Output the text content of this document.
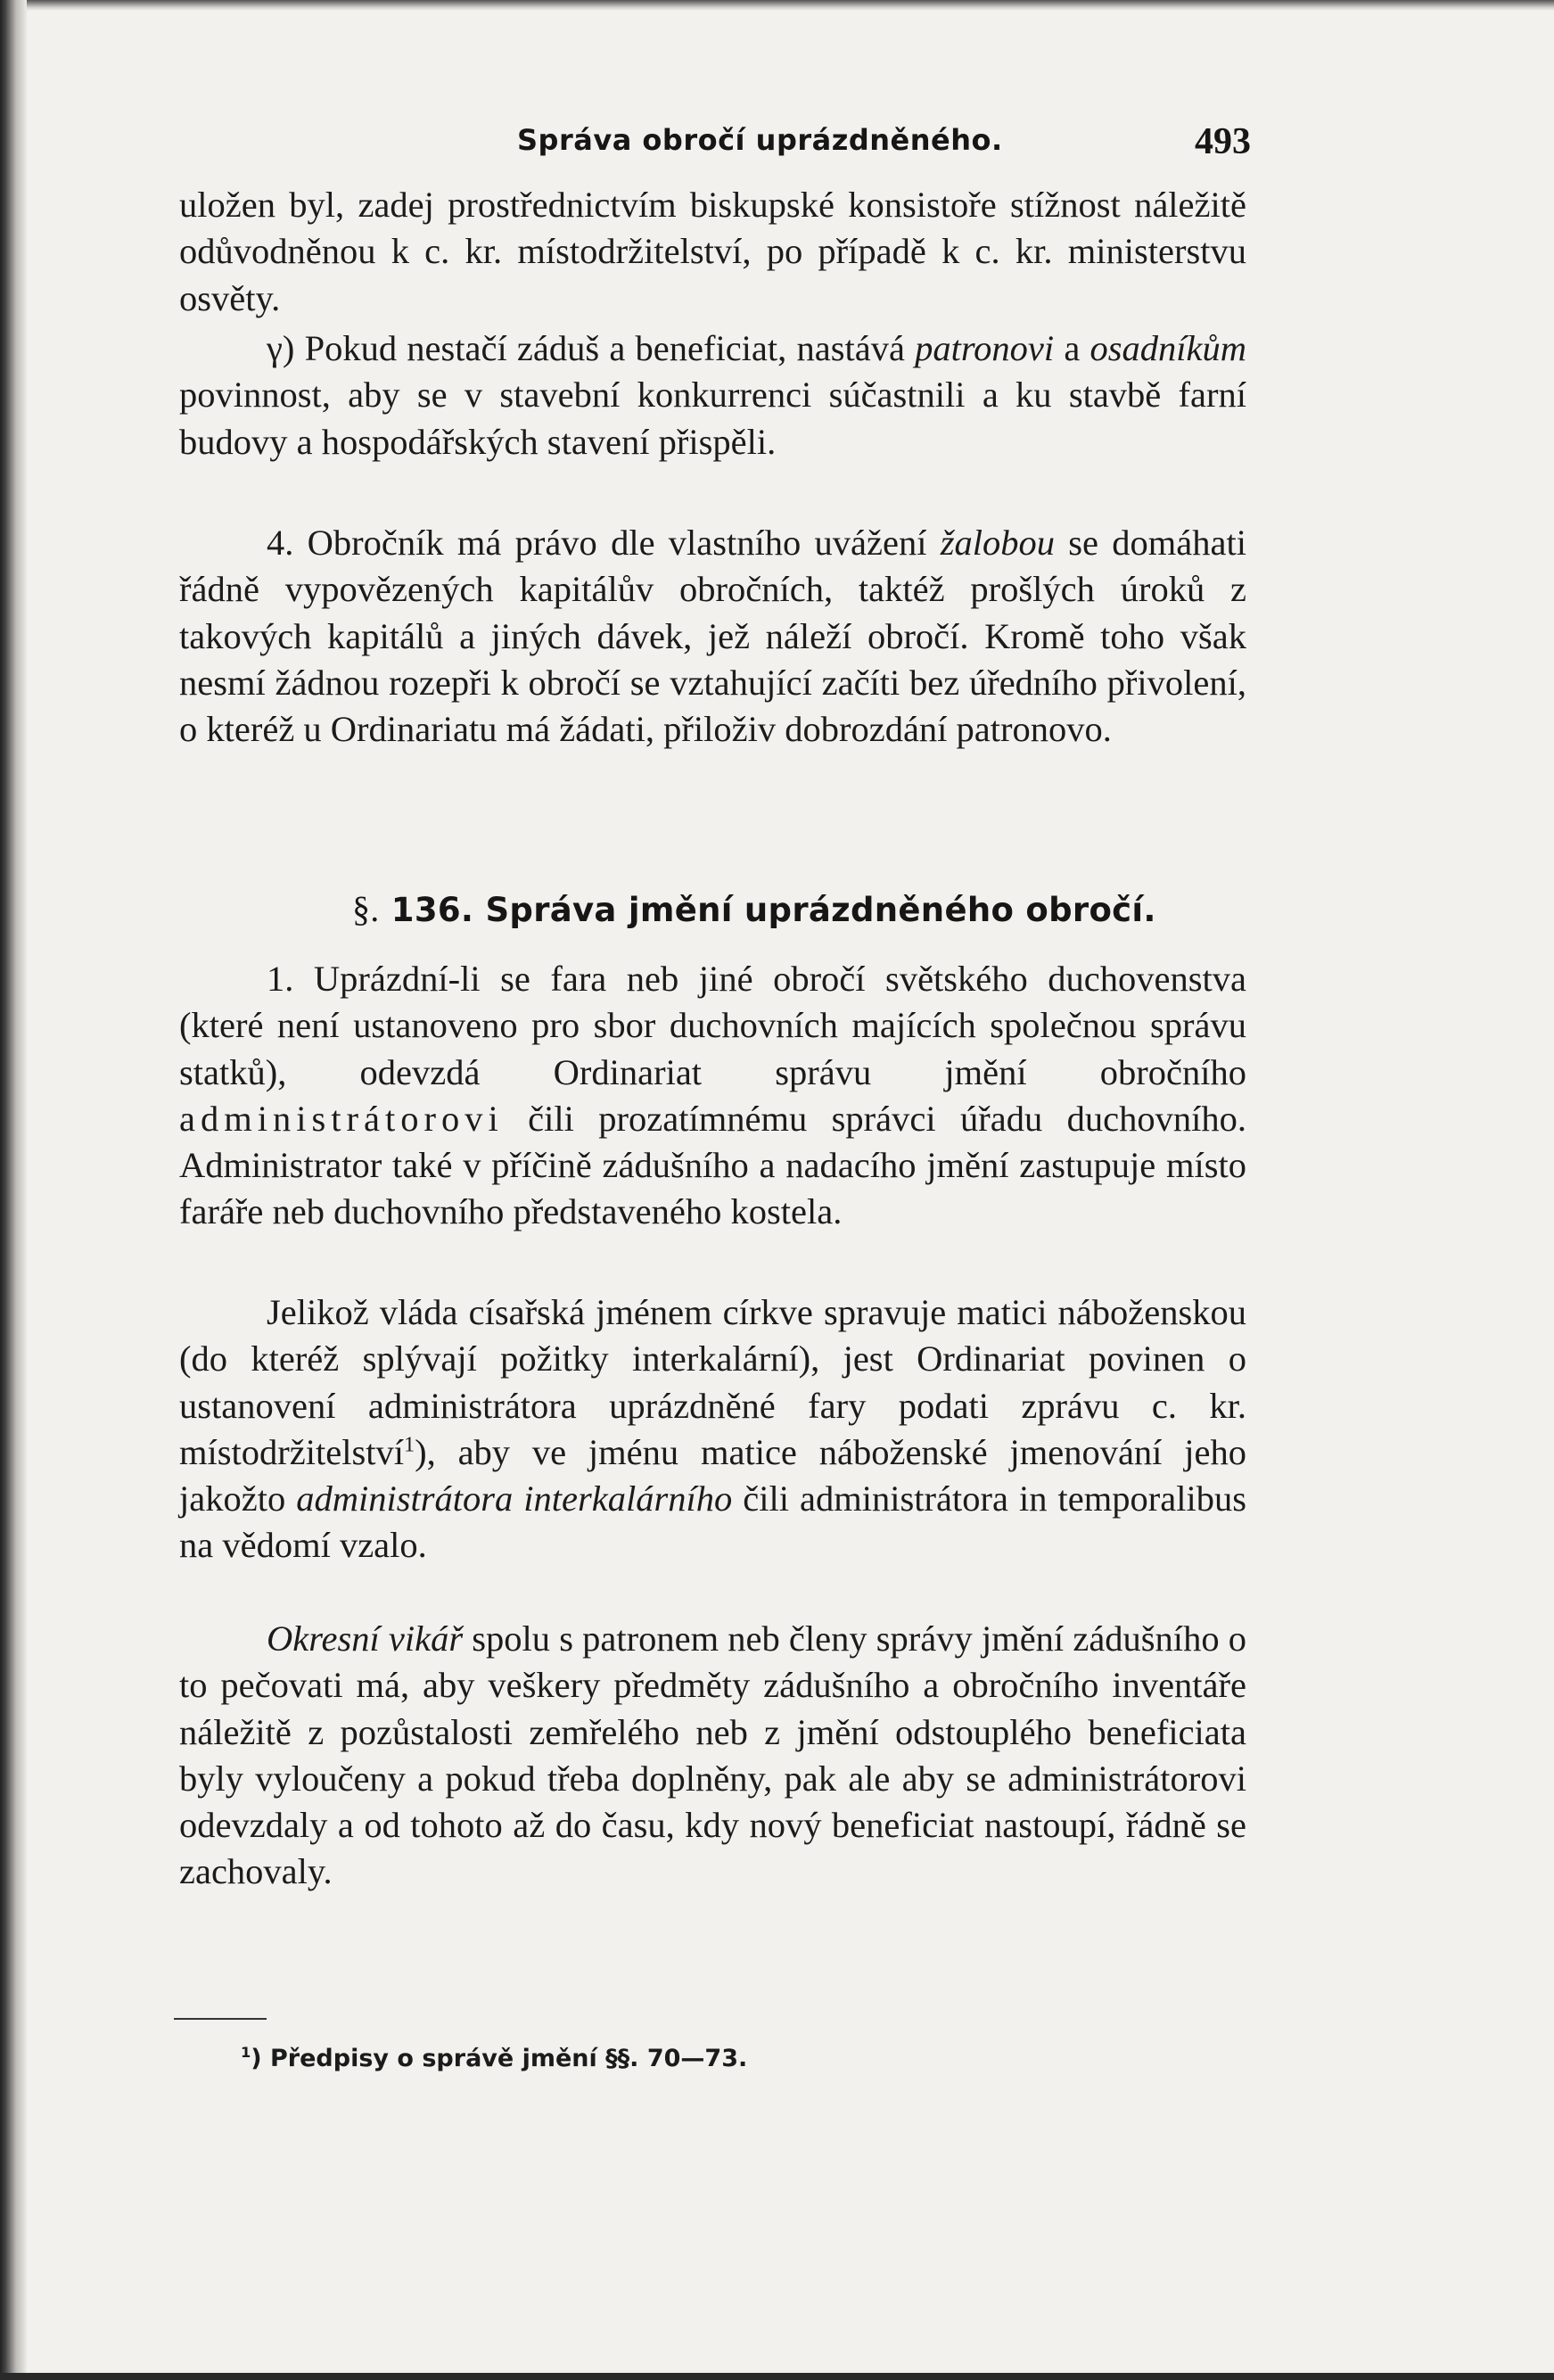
Správa obročí uprázdněného.	493

uložen byl, zadej prostřednictvím biskupské konsistoře stížnost náležitě odůvodněnou k c. kr. místodržitelství, po případě k c. kr. ministerstvu osvěty.

γ) Pokud nestačí záduš a beneficiat, nastává patronovi a osadníkům povinnost, aby se v stavební konkurrenci súčastnili a ku stavbě farní budovy a hospodářských stavení přispěli.

4. Obročník má právo dle vlastního uvážení žalobou se domáhati řádně vypovězených kapitálův obročních, taktéž prošlých úroků z takových kapitálů a jiných dávek, jež náleží obročí. Kromě toho však nesmí žádnou rozepři k obročí se vztahující začíti bez úředního přivolení, o kteréž u Ordinariatu má žádati, přiloživ dobrozdání patronovo.

§. 136. Správa jmění uprázdněného obročí.

1. Uprázdní-li se fara neb jiné obročí světského duchovenstva (které není ustanoveno pro sbor duchovních majících společnou správu statků), odevzdá Ordinariat správu jmění obročního administrátorovi čili prozatímnému správci úřadu duchovního. Administrator také v příčině zádušního a nadacího jmění zastupuje místo faráře neb duchovního představeného kostela.

Jelikož vláda císařská jménem církve spravuje matici náboženskou (do kteréž splývají požitky interkalární), jest Ordinariat povinen o ustanovení administrátora uprázdněné fary podati zprávu c. kr. místodržitelství$^1$), aby ve jménu matice náboženské jmenování jeho jakožto administrátora interkalárního čili administrátora in temporalibus na vědomí vzalo.

Okresní vikář spolu s patronem neb členy správy jmění zádušního o to pečovati má, aby veškery předměty zádušního a obročního inventáře náležitě z pozůstalosti zemřelého neb z jmění odstouplého beneficiata byly vyloučeny a pokud třeba doplněny, pak ale aby se administrátorovi odevzdaly a od tohoto až do času, kdy nový beneficiat nastoupí, řádně se zachovaly.

$^1$) Předpisy o správě jmění §§. 70—73.
